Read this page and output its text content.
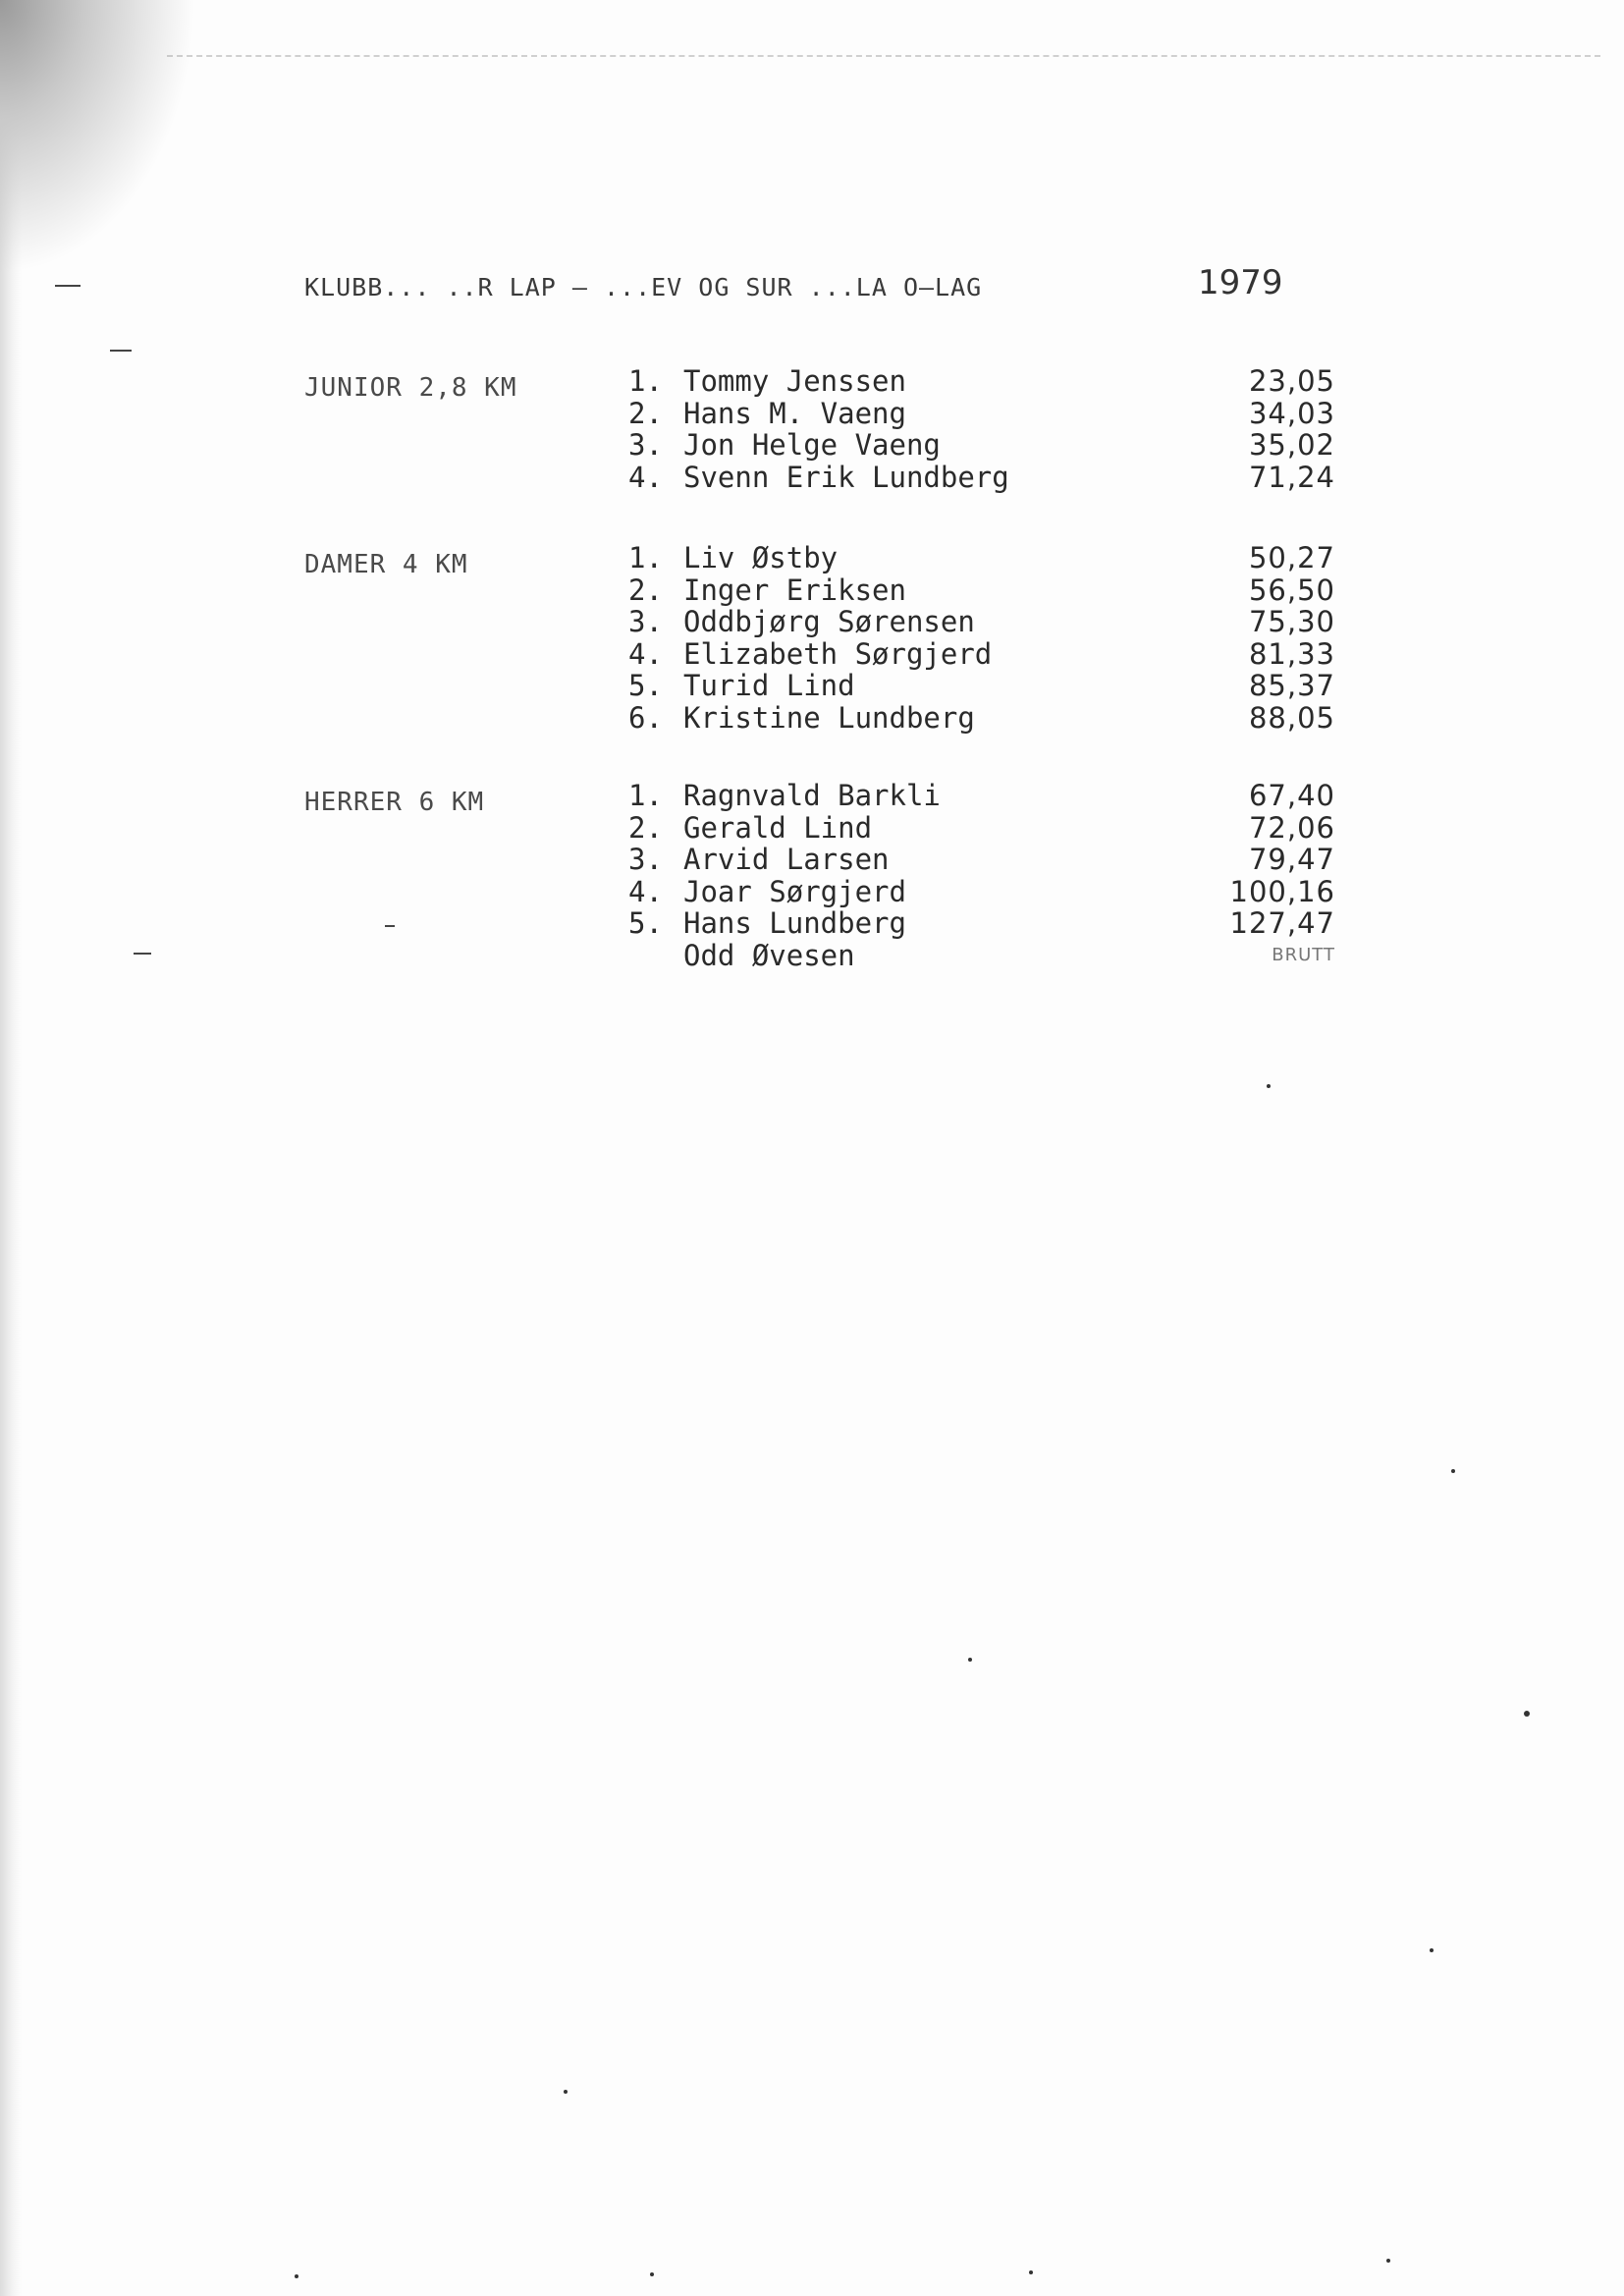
KLUBB... ..R LAP – ...EV OG SUR ...LA O–LAG	1979
JUNIOR 2,8 KM	1. Tommy Jenssen	23,05
2. Hans M. Vaeng	34,03
3. Jon Helge Vaeng	35,02
4. Svenn Erik Lundberg	71,24
DAMER 4 KM	1. Liv Østby	50,27
2. Inger Eriksen	56,50
3. Oddbjørg Sørensen	75,30
4. Elizabeth Sørgjerd	81,33
5. Turid Lind	85,37
6. Kristine Lundberg	88,05
HERRER 6 KM	1. Ragnvald Barkli	67,40
2. Gerald Lind	72,06
3. Arvid Larsen	79,47
4. Joar Sørgjerd	100,16
5. Hans Lundberg	127,47
Odd Øvesen	BRUTT
